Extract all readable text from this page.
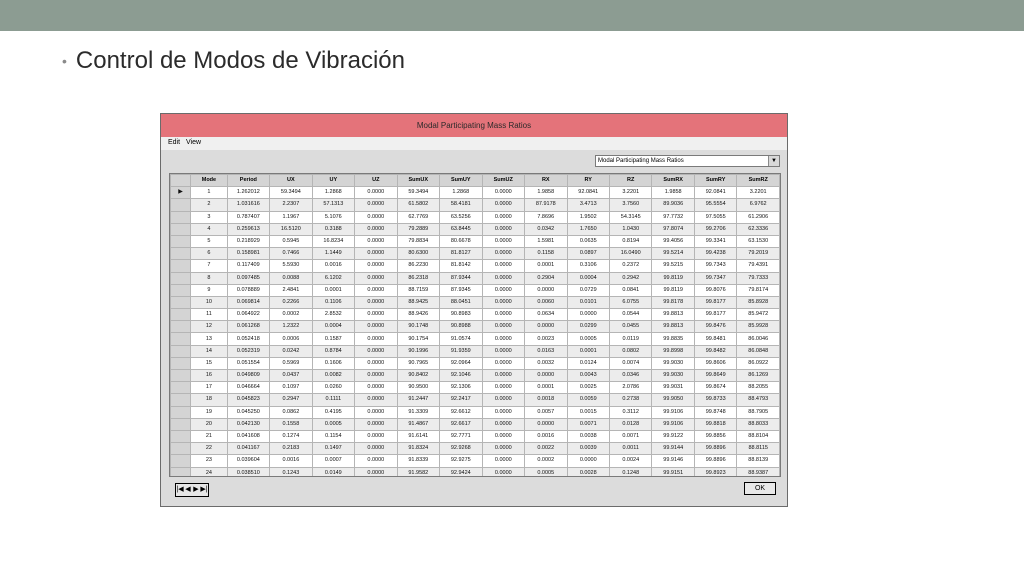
• Control de Modos de Vibración
Modal Participating Mass Ratios
Edit View
Modal Participating Mass Ratios	▼
	Mode	Period	UX	UY	UZ	SumUX	SumUY	SumUZ	RX	RY	RZ	SumRX	SumRY	SumRZ
▶	1	1.262012	59.3494	1.2868	0.0000	59.3494	1.2868	0.0000	1.9858	92.0841	3.2201	1.9858	92.0841	3.2201
	2	1.031616	2.2307	57.1313	0.0000	61.5802	58.4181	0.0000	87.9178	3.4713	3.7560	89.9036	95.5554	6.9762
	3	0.787407	1.1967	5.1076	0.0000	62.7769	63.5256	0.0000	7.8696	1.9502	54.3145	97.7732	97.5055	61.2906
	4	0.259613	16.5120	0.3188	0.0000	79.2889	63.8445	0.0000	0.0342	1.7650	1.0430	97.8074	99.2706	62.3336
	5	0.218929	0.5945	16.8234	0.0000	79.8834	80.6678	0.0000	1.5981	0.0635	0.8194	99.4056	99.3341	63.1530
	6	0.158981	0.7466	1.1449	0.0000	80.6300	81.8127	0.0000	0.1158	0.0897	16.0490	99.5214	99.4238	79.2019
	7	0.117409	5.5930	0.0016	0.0000	86.2230	81.8142	0.0000	0.0001	0.3106	0.2372	99.5215	99.7343	79.4391
	8	0.097485	0.0088	6.1202	0.0000	86.2318	87.9344	0.0000	0.2904	0.0004	0.2942	99.8119	99.7347	79.7333
	9	0.078889	2.4841	0.0001	0.0000	88.7159	87.9345	0.0000	0.0000	0.0729	0.0841	99.8119	99.8076	79.8174
	10	0.069814	0.2266	0.1106	0.0000	88.9425	88.0451	0.0000	0.0060	0.0101	6.0755	99.8178	99.8177	85.8928
	11	0.064922	0.0002	2.8532	0.0000	88.9426	90.8983	0.0000	0.0634	0.0000	0.0544	99.8813	99.8177	85.9472
	12	0.061268	1.2322	0.0004	0.0000	90.1748	90.8988	0.0000	0.0000	0.0299	0.0455	99.8813	99.8476	85.9928
	13	0.052418	0.0006	0.1587	0.0000	90.1754	91.0574	0.0000	0.0023	0.0005	0.0119	99.8835	99.8481	86.0046
	14	0.052319	0.0242	0.8784	0.0000	90.1996	91.9359	0.0000	0.0163	0.0001	0.0802	99.8998	99.8482	86.0848
	15	0.051554	0.5969	0.1606	0.0000	90.7965	92.0964	0.0000	0.0032	0.0124	0.0074	99.9030	99.8606	86.0922
	16	0.049809	0.0437	0.0082	0.0000	90.8402	92.1046	0.0000	0.0000	0.0043	0.0346	99.9030	99.8649	86.1269
	17	0.046664	0.1097	0.0260	0.0000	90.9500	92.1306	0.0000	0.0001	0.0025	2.0786	99.9031	99.8674	88.2055
	18	0.045823	0.2947	0.1111	0.0000	91.2447	92.2417	0.0000	0.0018	0.0059	0.2738	99.9050	99.8733	88.4793
	19	0.045250	0.0862	0.4195	0.0000	91.3309	92.6612	0.0000	0.0057	0.0015	0.3112	99.9106	99.8748	88.7905
	20	0.042130	0.1558	0.0005	0.0000	91.4867	92.6617	0.0000	0.0000	0.0071	0.0128	99.9106	99.8818	88.8033
	21	0.041608	0.1274	0.1154	0.0000	91.6141	92.7771	0.0000	0.0016	0.0038	0.0071	99.9122	99.8856	88.8104
	22	0.041167	0.2183	0.1497	0.0000	91.8324	92.9268	0.0000	0.0022	0.0039	0.0011	99.9144	99.8896	88.8115
	23	0.039604	0.0016	0.0007	0.0000	91.8339	92.9275	0.0000	0.0002	0.0000	0.0024	99.9146	99.8896	88.8139
	24	0.038510	0.1243	0.0149	0.0000	91.9582	92.9424	0.0000	0.0005	0.0028	0.1248	99.9151	99.8923	88.9387
|◀ ◀ ▶ ▶|	OK
